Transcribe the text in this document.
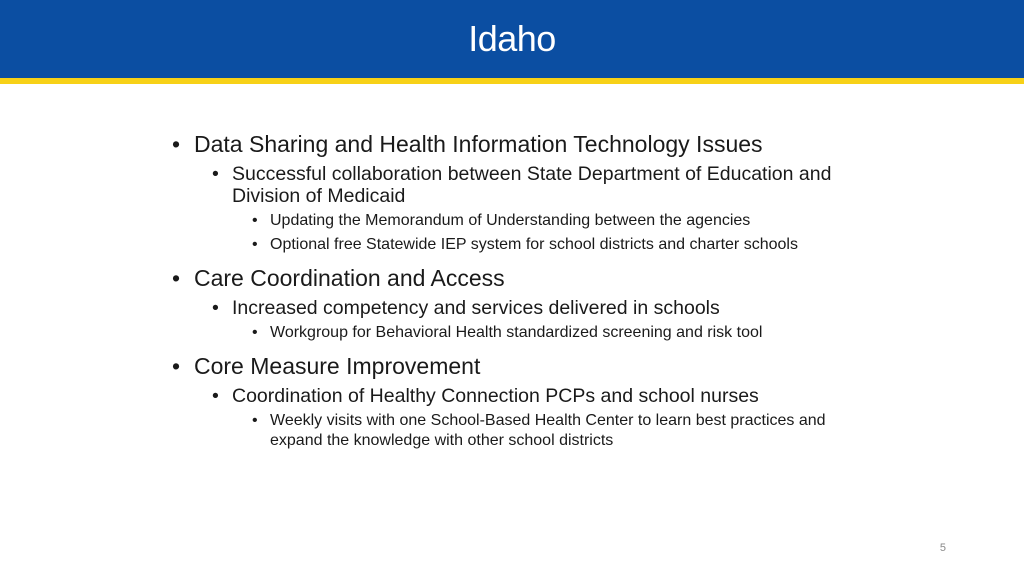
Idaho
• Data Sharing and Health Information Technology Issues
• Successful collaboration between State Department of Education and Division of Medicaid
• Updating the Memorandum of Understanding between the agencies
• Optional free Statewide IEP system for school districts and charter schools
• Care Coordination and Access
• Increased competency and services delivered in schools
• Workgroup for Behavioral Health standardized screening and risk tool
• Core Measure Improvement
• Coordination of Healthy Connection PCPs and school nurses
• Weekly visits with one School-Based Health Center to learn best practices and expand the knowledge with other school districts
5
